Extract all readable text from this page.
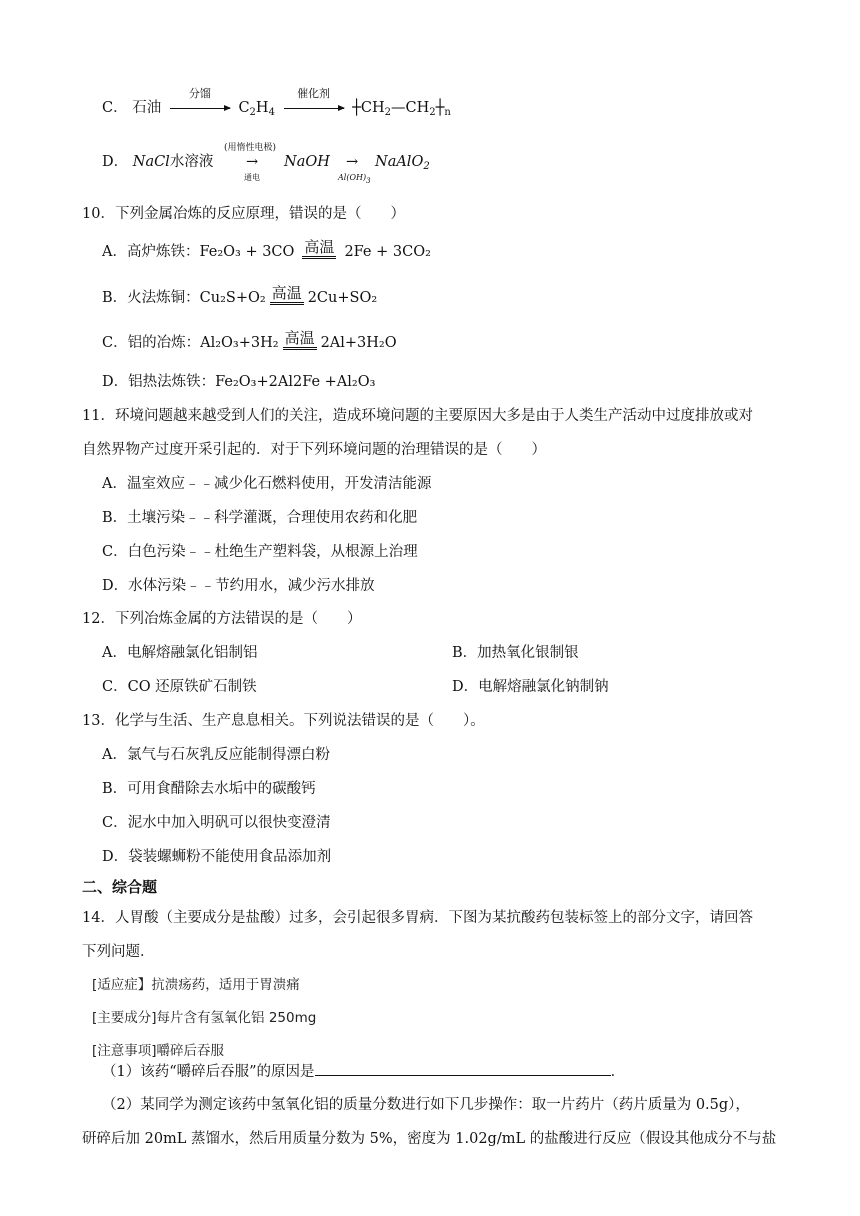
C． 石油
分馏
$C_2H_4$
催化剂
$┼CH_2—CH_2┼_n$
D． NaCl水溶液
(用惰性电极)
→
通电
NaOH →
$Al(OH)_3$
NaAlO$_2$
10．下列金属冶炼的反应原理，错误的是（　　）
A．高炉炼铁：Fe₂O₃ + 3CO 高温 2Fe + 3CO₂
B．火法炼铜：Cu₂S+O₂ 高温 2Cu+SO₂
C．铝的冶炼：Al₂O₃+3H₂ 高温 2Al+3H₂O
D．铝热法炼铁：Fe₂O₃+2Al2Fe +Al₂O₃
11．环境问题越来越受到人们的关注，造成环境问题的主要原因大多是由于人类生产活动中过度排放或对
自然界物产过度开采引起的．对于下列环境问题的治理错误的是（　　）
A．温室效应﹣﹣减少化石燃料使用，开发清洁能源
B．土壤污染﹣﹣科学灌溉，合理使用农药和化肥
C．白色污染﹣﹣杜绝生产塑料袋，从根源上治理
D．水体污染﹣﹣节约用水，减少污水排放
12．下列冶炼金属的方法错误的是（　　）
A．电解熔融氯化铝制铝	B．加热氧化银制银
C．CO 还原铁矿石制铁	D．电解熔融氯化钠制钠
13．化学与生活、生产息息相关。下列说法错误的是（　　）。
A．氯气与石灰乳反应能制得漂白粉
B．可用食醋除去水垢中的碳酸钙
C．泥水中加入明矾可以很快变澄清
D．袋装螺蛳粉不能使用食品添加剂
二、综合题
14．人胃酸（主要成分是盐酸）过多，会引起很多胃病．下图为某抗酸药包装标签上的部分文字，请回答
下列问题．
[适应症】抗溃疡药，适用于胃溃痛
[主要成分]每片含有氢氧化铝 250mg
[注意事项]嚼碎后吞服
（1）该药“嚼碎后吞服”的原因是	．
（2）某同学为测定该药中氢氧化铝的质量分数进行如下几步操作：取一片药片（药片质量为 0.5g），
研碎后加 20mL 蒸馏水，然后用质量分数为 5%，密度为 1.02g/mL 的盐酸进行反应（假设其他成分不与盐
